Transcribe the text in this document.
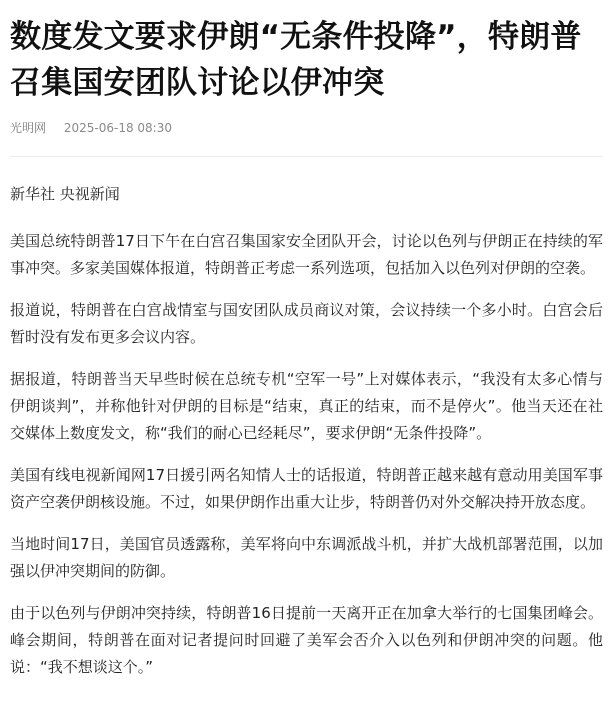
数度发文要求伊朗“无条件投降”，特朗普召集国安团队讨论以伊冲突
光明网 2025-06-18 08:30

新华社 央视新闻

美国总统特朗普17日下午在白宫召集国家安全团队开会，讨论以色列与伊朗正在持续的军事冲突。多家美国媒体报道，特朗普正考虑一系列选项，包括加入以色列对伊朗的空袭。

报道说，特朗普在白宫战情室与国安团队成员商议对策，会议持续一个多小时。白宫会后暂时没有发布更多会议内容。

据报道，特朗普当天早些时候在总统专机“空军一号”上对媒体表示，“我没有太多心情与伊朗谈判”，并称他针对伊朗的目标是“结束，真正的结束，而不是停火”。他当天还在社交媒体上数度发文，称“我们的耐心已经耗尽”，要求伊朗“无条件投降”。

美国有线电视新闻网17日援引两名知情人士的话报道，特朗普正越来越有意动用美国军事资产空袭伊朗核设施。不过，如果伊朗作出重大让步，特朗普仍对外交解决持开放态度。

当地时间17日，美国官员透露称，美军将向中东调派战斗机，并扩大战机部署范围，以加强以伊冲突期间的防御。

由于以色列与伊朗冲突持续，特朗普16日提前一天离开正在加拿大举行的七国集团峰会。峰会期间，特朗普在面对记者提问时回避了美军会否介入以色列和伊朗冲突的问题。他说：“我不想谈这个。”
